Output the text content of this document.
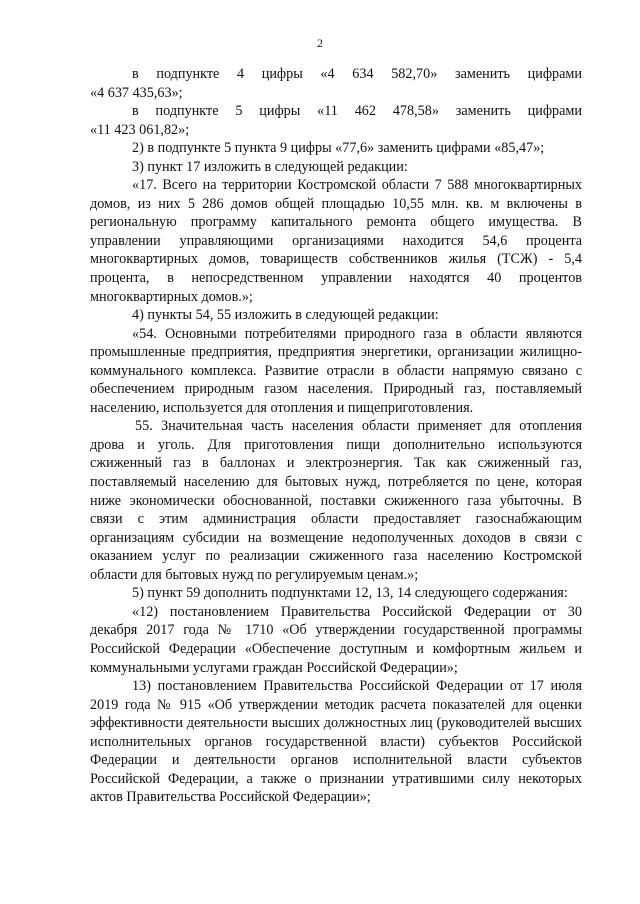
2

в подпункте 4 цифры «4 634 582,70» заменить цифрами
«4 637 435,63»;

в подпункте 5 цифры «11 462 478,58» заменить цифрами
«11 423 061,82»;

2) в подпункте 5 пункта 9 цифры «77,6» заменить цифрами «85,47»;

3) пункт 17 изложить в следующей редакции:

«17. Всего на территории Костромской области 7 588 многоквартирных домов, из них 5 286 домов общей площадью 10,55 млн. кв. м включены в региональную программу капитального ремонта общего имущества. В управлении управляющими организациями находится 54,6 процента многоквартирных домов, товариществ собственников жилья (ТСЖ) - 5,4 процента, в непосредственном управлении находятся 40 процентов многоквартирных домов.»;

4) пункты 54, 55 изложить в следующей редакции:

«54. Основными потребителями природного газа в области являются промышленные предприятия, предприятия энергетики, организации жилищно-коммунального комплекса. Развитие отрасли в области напрямую связано с обеспечением природным газом населения. Природный газ, поставляемый населению, используется для отопления и пищеприготовления.

55. Значительная часть населения области применяет для отопления дрова и уголь. Для приготовления пищи дополнительно используются сжиженный газ в баллонах и электроэнергия. Так как сжиженный газ, поставляемый населению для бытовых нужд, потребляется по цене, которая ниже экономически обоснованной, поставки сжиженного газа убыточны. В связи с этим администрация области предоставляет газоснабжающим организациям субсидии на возмещение недополученных доходов в связи с оказанием услуг по реализации сжиженного газа населению Костромской области для бытовых нужд по регулируемым ценам.»;

5) пункт 59 дополнить подпунктами 12, 13, 14 следующего содержания:

«12) постановлением Правительства Российской Федерации от 30 декабря 2017 года № 1710 «Об утверждении государственной программы Российской Федерации «Обеспечение доступным и комфортным жильем и коммунальными услугами граждан Российской Федерации»;

13) постановлением Правительства Российской Федерации от 17 июля 2019 года № 915 «Об утверждении методик расчета показателей для оценки эффективности деятельности высших должностных лиц (руководителей высших исполнительных органов государственной власти) субъектов Российской Федерации и деятельности органов исполнительной власти субъектов Российской Федерации, а также о признании утратившими силу некоторых актов Правительства Российской Федерации»;
